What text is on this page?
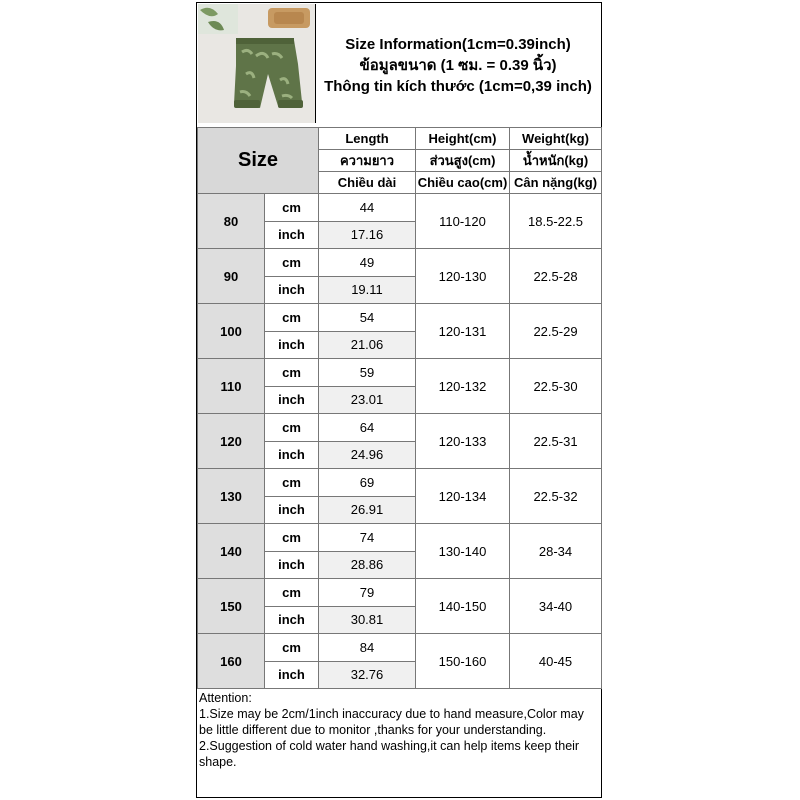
Size Information(1cm=0.39inch)
ข้อมูลขนาด (1 ซม. = 0.39 นิ้ว)
Thông tin kích thước (1cm=0,39 inch)
Size		Length	Height(cm)	Weight(kg)
		ความยาว	ส่วนสูง(cm)	น้ำหนัก(kg)
		Chiều dài	Chiều cao(cm)	Cân nặng(kg)
80	cm	44	110-120	18.5-22.5
	inch	17.16		
90	cm	49	120-130	22.5-28
	inch	19.11		
100	cm	54	120-131	22.5-29
	inch	21.06		
110	cm	59	120-132	22.5-30
	inch	23.01		
120	cm	64	120-133	22.5-31
	inch	24.96		
130	cm	69	120-134	22.5-32
	inch	26.91		
140	cm	74	130-140	28-34
	inch	28.86		
150	cm	79	140-150	34-40
	inch	30.81		
160	cm	84	150-160	40-45
	inch	32.76		
Attention:
1.Size may be 2cm/1inch inaccuracy due to hand measure,Color may be little different due to monitor ,thanks for your understanding.
2.Suggestion of cold water hand washing,it can help items keep their shape.
